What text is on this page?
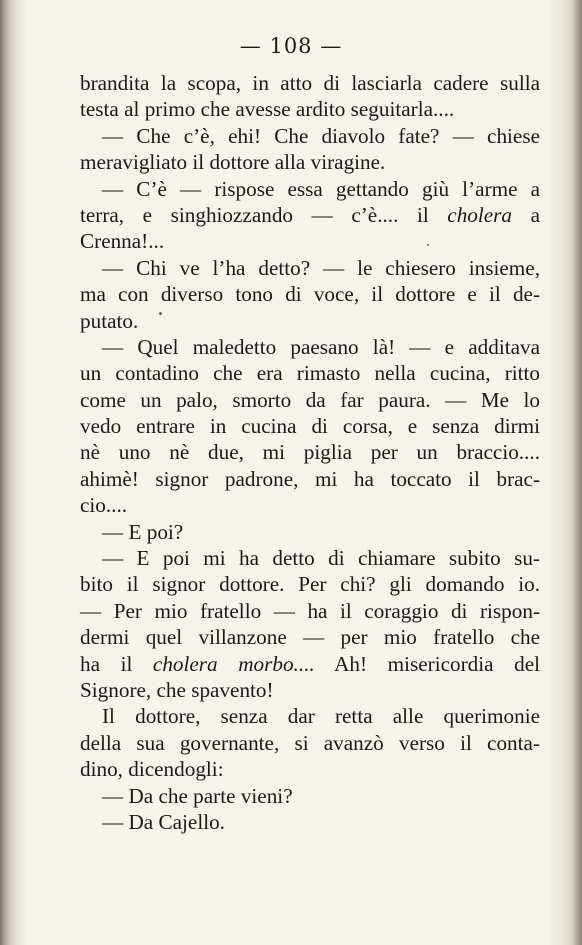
— 108 —
brandita la scopa, in atto di lasciarla cadere sulla
testa al primo che avesse ardito seguitarla....
— Che c’è, ehi! Che diavolo fate? — chiese
meravigliato il dottore alla viragine.
— C’è — rispose essa gettando giù l’arme a
terra, e singhiozzando — c’è.... il cholera a
Crenna!...
— Chi ve l’ha detto? — le chiesero insieme,
ma con diverso tono di voce, il dottore e il de-
putato.
— Quel maledetto paesano là! — e additava
un contadino che era rimasto nella cucina, ritto
come un palo, smorto da far paura. — Me lo
vedo entrare in cucina di corsa, e senza dirmi
nè uno nè due, mi piglia per un braccio....
ahimè! signor padrone, mi ha toccato il brac-
cio....
— E poi?
— E poi mi ha detto di chiamare subito su-
bito il signor dottore. Per chi? gli domando io.
— Per mio fratello — ha il coraggio di rispon-
dermi quel villanzone — per mio fratello che
ha il cholera morbo.... Ah! misericordia del
Signore, che spavento!
Il dottore, senza dar retta alle querimonie
della sua governante, si avanzò verso il conta-
dino, dicendogli:
— Da che parte vieni?
— Da Cajello.
